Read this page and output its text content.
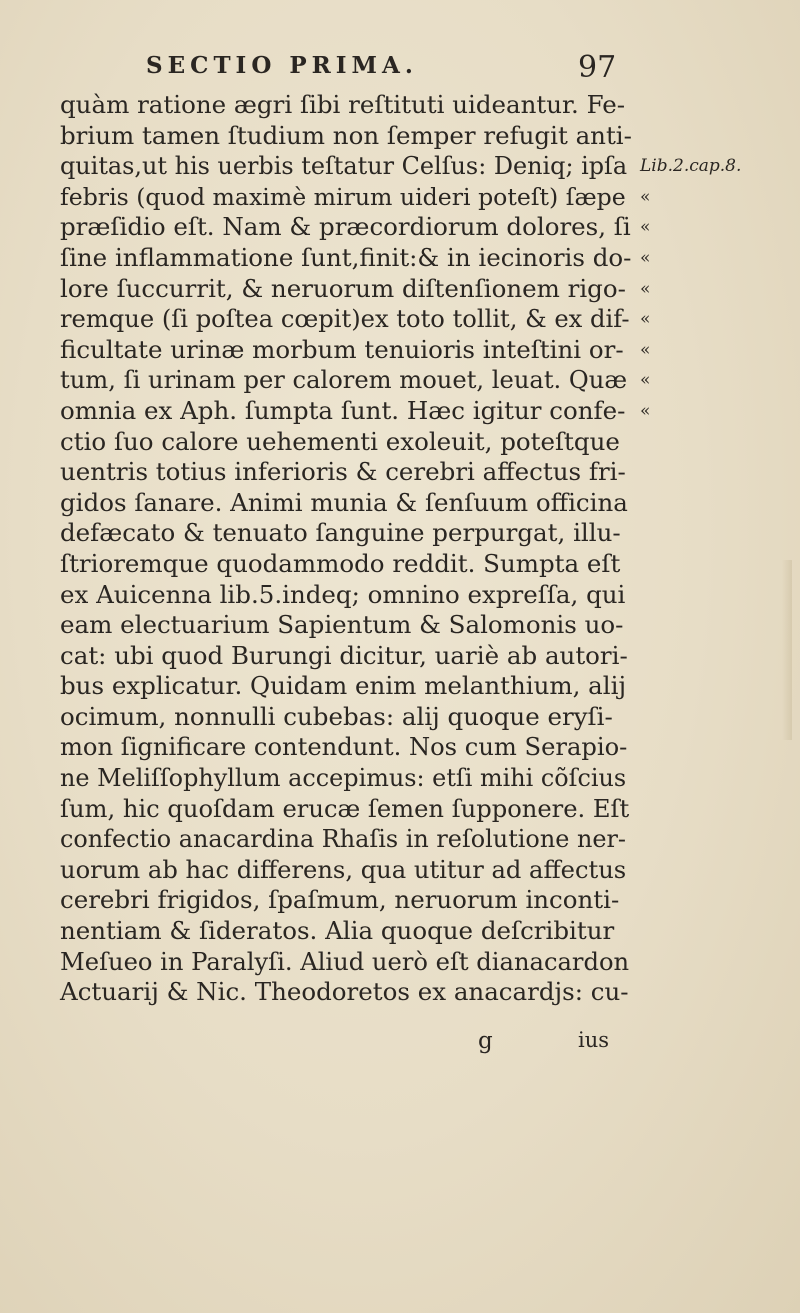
SECTIO PRIMA.	97
quàm ratione ægri ſibi reſtituti uideantur. Fe-
brium tamen ſtudium non ſemper refugit anti-
quitas,ut his uerbis teſtatur Celſus: Deniq; ipſa
febris (quod maximè mirum uideri poteſt) ſæpe
præſidio eſt. Nam & præcordiorum dolores, ſi
ſine inflammatione ſunt,finit:& in iecinoris do-
lore ſuccurrit, & neruorum diſtenſionem rigo-
remque (ſi poſtea cœpit)ex toto tollit, & ex dif-
ficultate urinæ morbum tenuioris inteſtini or-
tum, ſi urinam per calorem mouet, leuat. Quæ
omnia ex Aph. ſumpta ſunt. Hæc igitur confe-
ctio ſuo calore uehementi exoleuit, poteſtque
uentris totius inferioris & cerebri affectus fri-
gidos ſanare. Animi munia & ſenſuum officina
defæcato & tenuato ſanguine perpurgat, illu-
ſtrioremque quodammodo reddit. Sumpta eſt
ex Auicenna lib.5.indeq; omnino expreſſa, qui
eam electuarium Sapientum & Salomonis uo-
cat: ubi quod Burungi dicitur, uariè ab autori-
bus explicatur. Quidam enim melanthium, alij
ocimum, nonnulli cubebas: alij quoque eryſi-
mon ſignificare contendunt. Nos cum Serapio-
ne Meliſſophyllum accepimus: etſi mihi cõſcius
ſum, hic quoſdam erucæ ſemen ſupponere. Eſt
confectio anacardina Rhaſis in reſolutione ner-
uorum ab hac differens, qua utitur ad affectus
cerebri frigidos, ſpaſmum, neruorum inconti-
nentiam & ſideratos. Alia quoque deſcribitur
Meſueo in Paralyſi. Aliud uerò eſt dianacardon
Actuarij & Nic. Theodoretos ex anacardjs: cu-
Lib.2.cap.8.
«
«
«
«
«
«
«
«
g	ius
